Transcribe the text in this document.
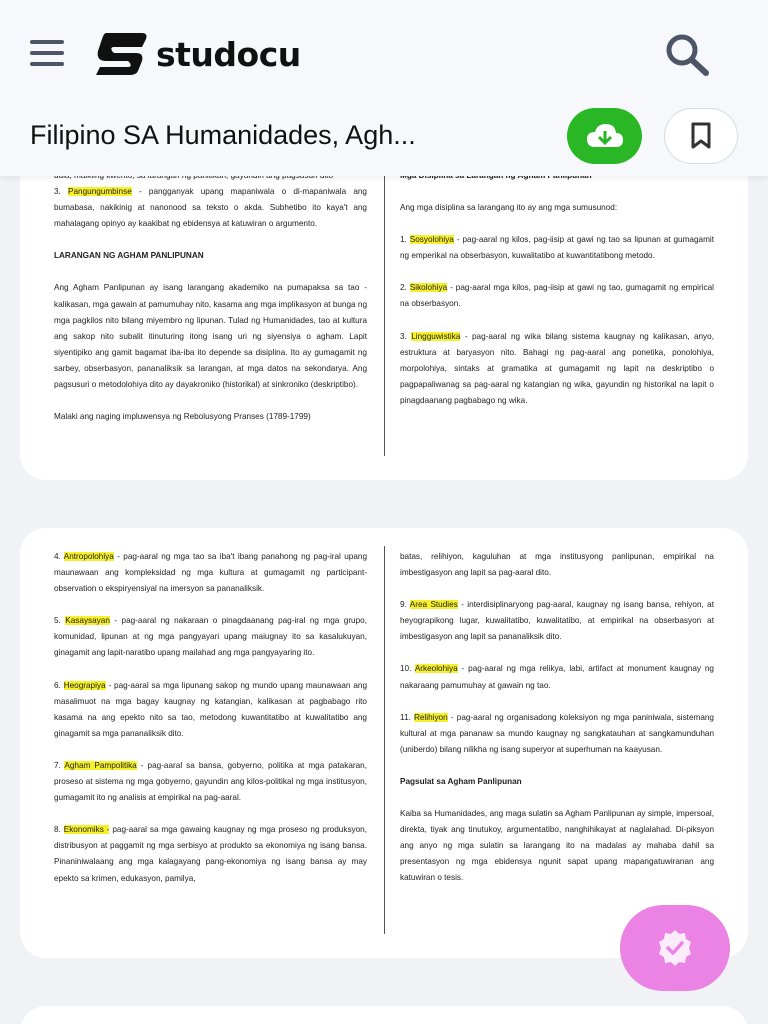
studocu
Filipino SA Humanidades, Agh...

3. Pangungumbinse - pangganyak upang mapaniwala o di-mapaniwala ang bumabasa, nakikinig at nanonood sa teksto o akda. Subhetibo ito kaya't ang mahalagang opinyo ay kaakibat ng ebidensya at katuwiran o argumento.

LARANGAN NG AGHAM PANLIPUNAN

Ang Agham Panlipunan ay isang larangang akademiko na pumapaksa sa tao - kalikasan, mga gawain at pamumuhay nito, kasama ang mga implikasyon at bunga ng mga pagkilos nito bilang miyembro ng lipunan. Tulad ng Humanidades, tao at kultura ang sakop nito subalit itinuturing itong isang uri ng siyensiya o agham. Lapit siyentipiko ang gamit bagamat iba-iba ito depende sa disiplina. Ito ay gumagamit ng sarbey, obserbasyon, pananaliksik sa larangan, at mga datos na sekondarya. Ang pagsusuri o metodolohiya dito ay dayakroniko (historikal) at sinkroniko (deskriptibo).

Malaki ang naging impluwensya ng Rebolusyong Pranses (1789-1799)

Ang mga disiplina sa larangang ito ay ang mga sumusunod:

1. Sosyolohiya - pag-aaral ng kilos, pag-iisip at gawi ng tao sa lipunan at gumagamit ng emperikal na obserbasyon, kuwalitatibo at kuwantitatibong metodo.

2. Sikolohiya - pag-aaral mga kilos, pag-iisip at gawi ng tao, gumagamit ng empirical na obserbasyon.

3. Lingguwistika - pag-aaral ng wika bilang sistema kaugnay ng kalikasan, anyo, estruktura at baryasyon nito. Bahagi ng pag-aaral ang ponetika, ponolohiya, morpolohiya, sintaks at gramatika at gumagamit ng lapit na deskriptibo o pagpapaliwanag sa pag-aaral ng katangian ng wika, gayundin ng historikal na lapit o pinagdaanang pagbabago ng wika.

4. Antropolohiya - pag-aaral ng mga tao sa iba't ibang panahong ng pag-iral upang maunawaan ang kompleksidad ng mga kultura at gumagamit ng participant-observation o ekspiryensiyal na imersyon sa pananaliksik.

5. Kasaysayan - pag-aaral ng nakaraan o pinagdaanang pag-iral ng mga grupo, komunidad, lipunan at ng mga pangyayari upang maiugnay ito sa kasalukuyan, ginagamit ang lapit-naratibo upang mailahad ang mga pangyayaring ito.

6. Heograpiya - pag-aaral sa mga lipunang sakop ng mundo upang maunawaan ang masalimuot na mga bagay kaugnay ng katangian, kalikasan at pagbabago rito kasama na ang epekto nito sa tao, metodong kuwantitatibo at kuwalitatibo ang ginagamit sa mga pananaliksik dito.

7. Agham Pampolitika - pag-aaral sa bansa, gobyerno, politika at mga patakaran, proseso at sistema ng mga gobyerno, gayundin ang kilos-politikal ng mga institusyon, gumagamit ito ng analisis at empirikal na pag-aaral.

8. Ekonomiks - pag-aaral sa mga gawaing kaugnay ng mga proseso ng produksyon, distribusyon at paggamit ng mga serbisyo at produkto sa ekonomiya ng isang bansa. Pinaniniwalaang ang mga kalagayang pang-ekonomiya ng isang bansa ay may epekto sa krimen, edukasyon, pamilya,

batas, relihiyon, kaguluhan at mga institusyong panlipunan, empirikal na imbestigasyon ang lapit sa pag-aaral dito.

9. Area Studies - interdisiplinaryong pag-aaral, kaugnay ng isang bansa, rehiyon, at heyograpikong lugar, kuwalitatibo, kuwalitatibo, at empirikal na obserbasyon at imbestigasyon ang lapit sa pananaliksik dito.

10. Arkeolohiya - pag-aaral ng mga relikya, labi, artifact at monument kaugnay ng nakaraang pamumuhay at gawain ng tao.

11. Relihiyon - pag-aaral ng organisadong koleksiyon ng mga paniniwala, sistemang kultural at mga pananaw sa mundo kaugnay ng sangkatauhan at sangkamunduhan (uniberdo) bilang nilikha ng isang superyor at superhuman na kaayusan.

Pagsulat sa Agham Panlipunan

Kaiba sa Humanidades, ang maga sulatin sa Agham Panlipunan ay simple, impersoal, direkta, tiyak ang tinutukoy, argumentatibo, nanghihikayat at naglalahad. Di-piksyon ang anyo ng mga sulatin sa larangang ito na madalas ay mahaba dahil sa presentasyon ng mga ebidensya ngunit sapat upang mapangatuwiranan ang katuwiran o tesis.
